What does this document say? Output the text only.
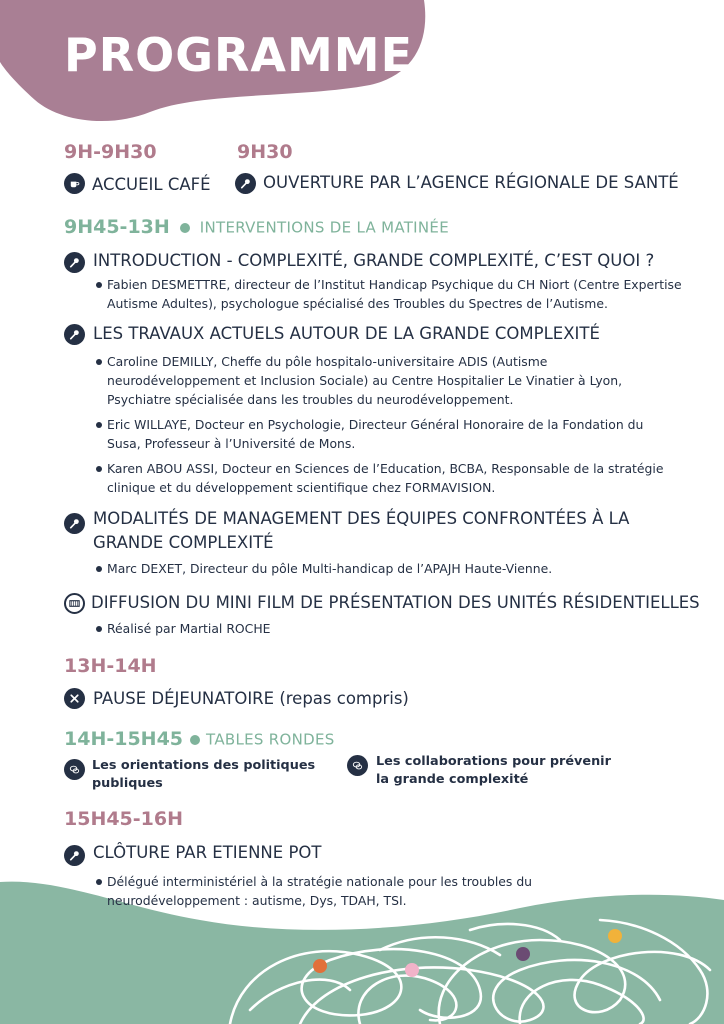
PROGRAMME
9H-9H30	9H30
ACCUEIL CAFÉ	OUVERTURE PAR L’AGENCE RÉGIONALE DE SANTÉ
9H45-13H INTERVENTIONS DE LA MATINÉE
INTRODUCTION - COMPLEXITÉ, GRANDE COMPLEXITÉ, C’EST QUOI ?
Fabien DESMETTRE, directeur de l’Institut Handicap Psychique du CH Niort (Centre Expertise Autisme Adultes), psychologue spécialisé des Troubles du Spectres de l’Autisme.
LES TRAVAUX ACTUELS AUTOUR DE LA GRANDE COMPLEXITÉ
Caroline DEMILLY, Cheffe du pôle hospitalo-universitaire ADIS (Autisme neurodéveloppement et Inclusion Sociale) au Centre Hospitalier Le Vinatier à Lyon, Psychiatre spécialisée dans les troubles du neurodéveloppement.
Eric WILLAYE, Docteur en Psychologie, Directeur Général Honoraire de la Fondation du Susa, Professeur à l’Université de Mons.
Karen ABOU ASSI, Docteur en Sciences de l’Education, BCBA, Responsable de la stratégie clinique et du développement scientifique chez FORMAVISION.
MODALITÉS DE MANAGEMENT DES ÉQUIPES CONFRONTÉES À LA GRANDE COMPLEXITÉ
Marc DEXET, Directeur du pôle Multi-handicap de l’APAJH Haute-Vienne.
DIFFUSION DU MINI FILM DE PRÉSENTATION DES UNITÉS RÉSIDENTIELLES
Réalisé par Martial ROCHE
13H-14H
PAUSE DÉJEUNATOIRE (repas compris)
14H-15H45 TABLES RONDES
Les orientations des politiques publiques
Les collaborations pour prévenir la grande complexité
15H45-16H
CLÔTURE PAR ETIENNE POT
Délégué interministériel à la stratégie nationale pour les troubles du neurodéveloppement : autisme, Dys, TDAH, TSI.
